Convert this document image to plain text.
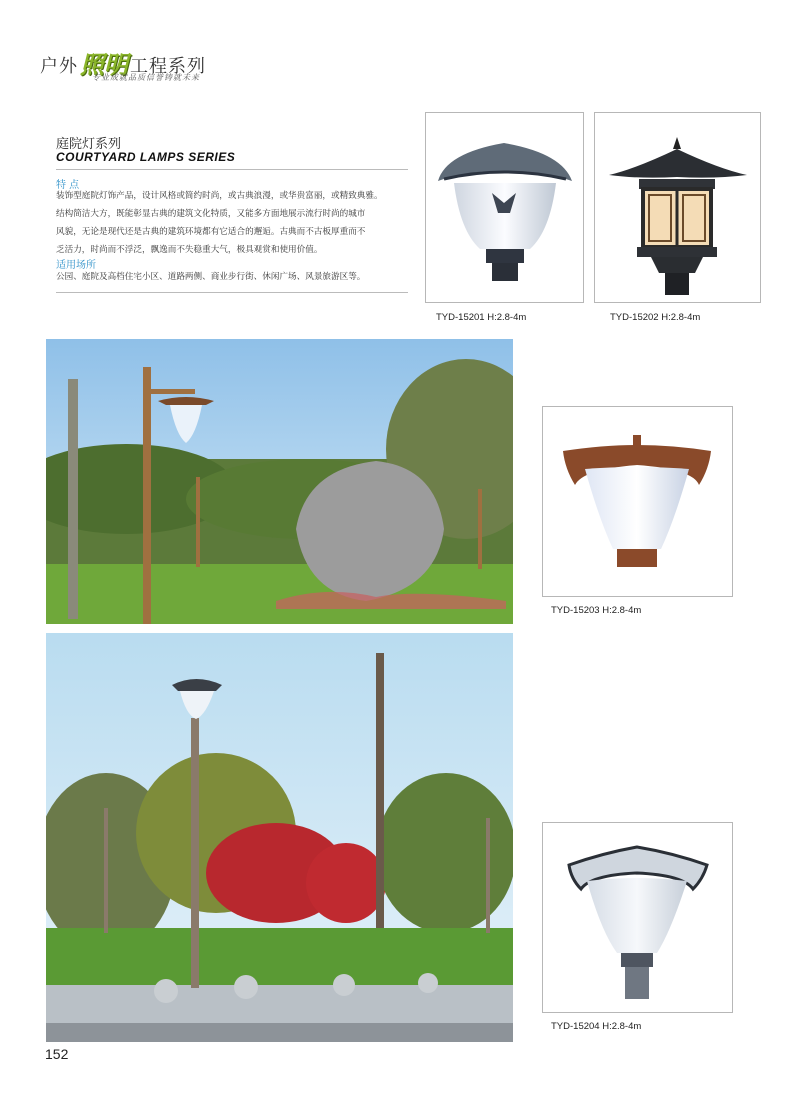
户外照明 工程系列
专业成就品质信誉铸就未来
庭院灯系列
COURTYARD LAMPS SERIES
特 点
装饰型庭院灯饰产品，设计风格或简约时尚，或古典浪漫，或华贵富丽，或精致典雅。
结构简洁大方，既能彰显古典的建筑文化特质，又能多方面地展示流行时尚的城市
风貌，无论是现代还是古典的建筑环境都有它适合的邂逅。古典而不古板厚重而不
乏活力，时尚而不浮泛，飘逸而不失稳重大气，极具观赏和使用价值。
适用场所
公园、庭院及高档住宅小区、道路两侧、商业步行街、休闲广场、风景旅游区等。
TYD-15201 H:2.8-4m	TYD-15202 H:2.8-4m
TYD-15203 H:2.8-4m
TYD-15204 H:2.8-4m
152
